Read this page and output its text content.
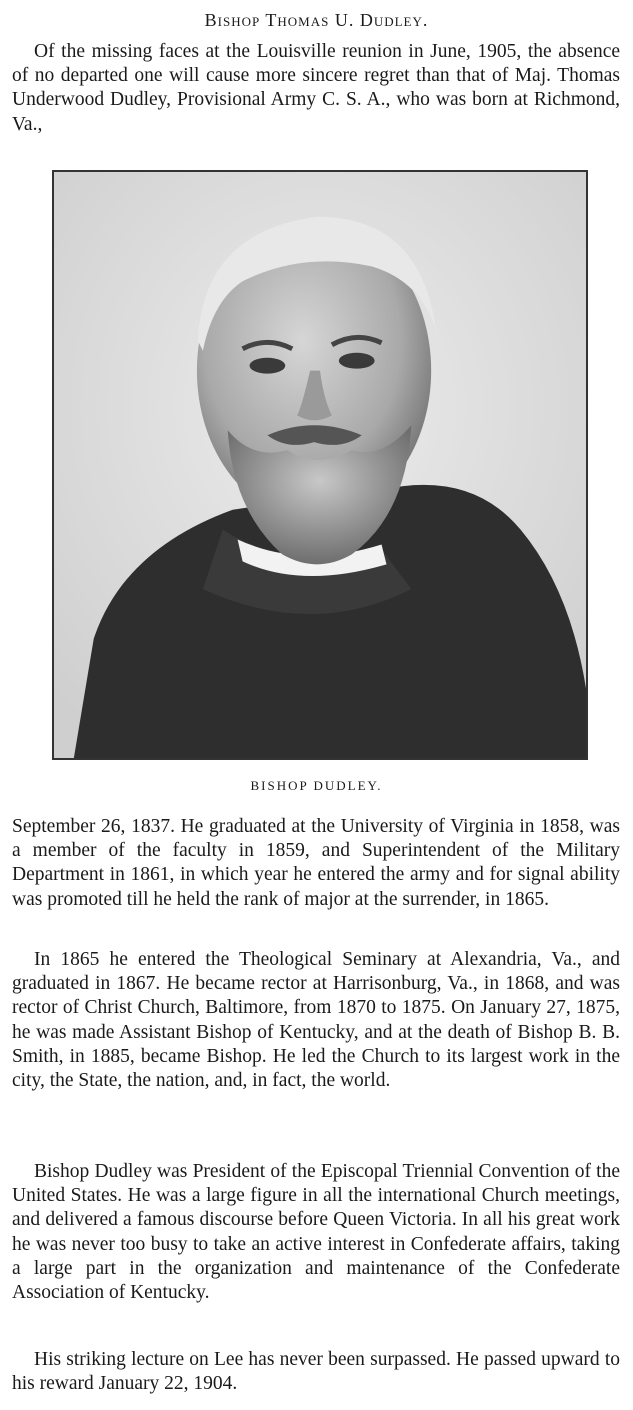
Bishop Thomas U. Dudley.

Of the missing faces at the Louisville reunion in June, 1905, the absence of no departed one will cause more sincere regret than that of Maj. Thomas Underwood Dudley, Provisional Army C. S. A., who was born at Richmond, Va.,

BISHOP DUDLEY.

September 26, 1837. He graduated at the University of Virginia in 1858, was a member of the faculty in 1859, and Superintendent of the Military Department in 1861, in which year he entered the army and for signal ability was promoted till he held the rank of major at the surrender, in 1865.

In 1865 he entered the Theological Seminary at Alexandria, Va., and graduated in 1867. He became rector at Harrisonburg, Va., in 1868, and was rector of Christ Church, Baltimore, from 1870 to 1875. On January 27, 1875, he was made Assistant Bishop of Kentucky, and at the death of Bishop B. B. Smith, in 1885, became Bishop. He led the Church to its largest work in the city, the State, the nation, and, in fact, the world.

Bishop Dudley was President of the Episcopal Triennial Convention of the United States. He was a large figure in all the international Church meetings, and delivered a famous discourse before Queen Victoria. In all his great work he was never too busy to take an active interest in Confederate affairs, taking a large part in the organization and maintenance of the Confederate Association of Kentucky.

His striking lecture on Lee has never been surpassed. He passed upward to his reward January 22, 1904.
